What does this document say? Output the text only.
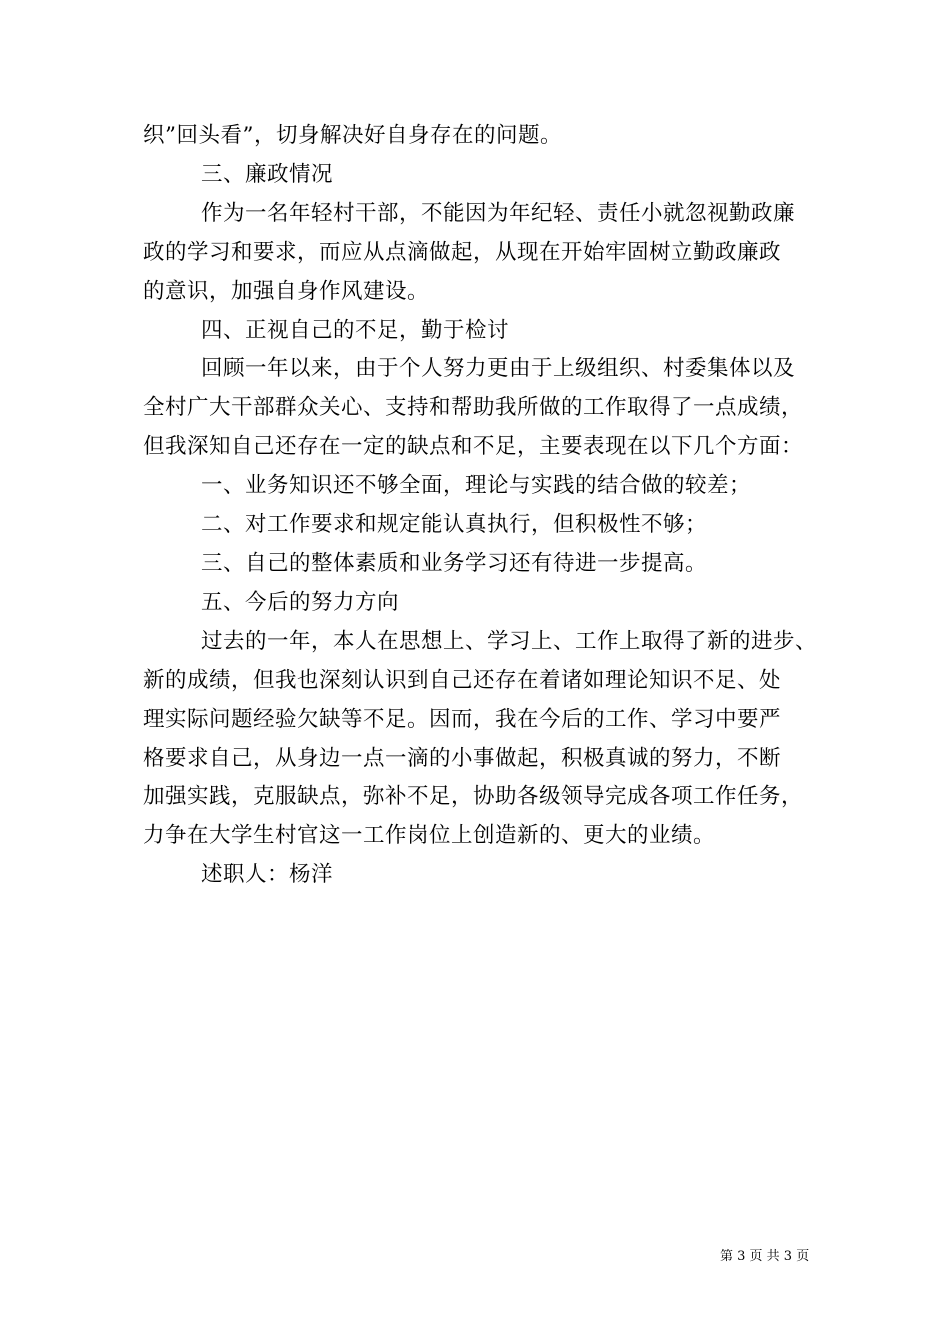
织”回头看”，切身解决好自身存在的问题。
三、廉政情况
作为一名年轻村干部，不能因为年纪轻、责任小就忽视勤政廉
政的学习和要求，而应从点滴做起，从现在开始牢固树立勤政廉政
的意识，加强自身作风建设。
四、正视自己的不足，勤于检讨
回顾一年以来，由于个人努力更由于上级组织、村委集体以及
全村广大干部群众关心、支持和帮助我所做的工作取得了一点成绩，
但我深知自己还存在一定的缺点和不足，主要表现在以下几个方面：
一、业务知识还不够全面，理论与实践的结合做的较差；
二、对工作要求和规定能认真执行，但积极性不够；
三、自己的整体素质和业务学习还有待进一步提高。
五、今后的努力方向
过去的一年，本人在思想上、学习上、工作上取得了新的进步、
新的成绩，但我也深刻认识到自己还存在着诸如理论知识不足、处
理实际问题经验欠缺等不足。因而，我在今后的工作、学习中要严
格要求自己，从身边一点一滴的小事做起，积极真诚的努力，不断
加强实践，克服缺点，弥补不足，协助各级领导完成各项工作任务，
力争在大学生村官这一工作岗位上创造新的、更大的业绩。
述职人：杨洋
第 3 页 共 3 页
